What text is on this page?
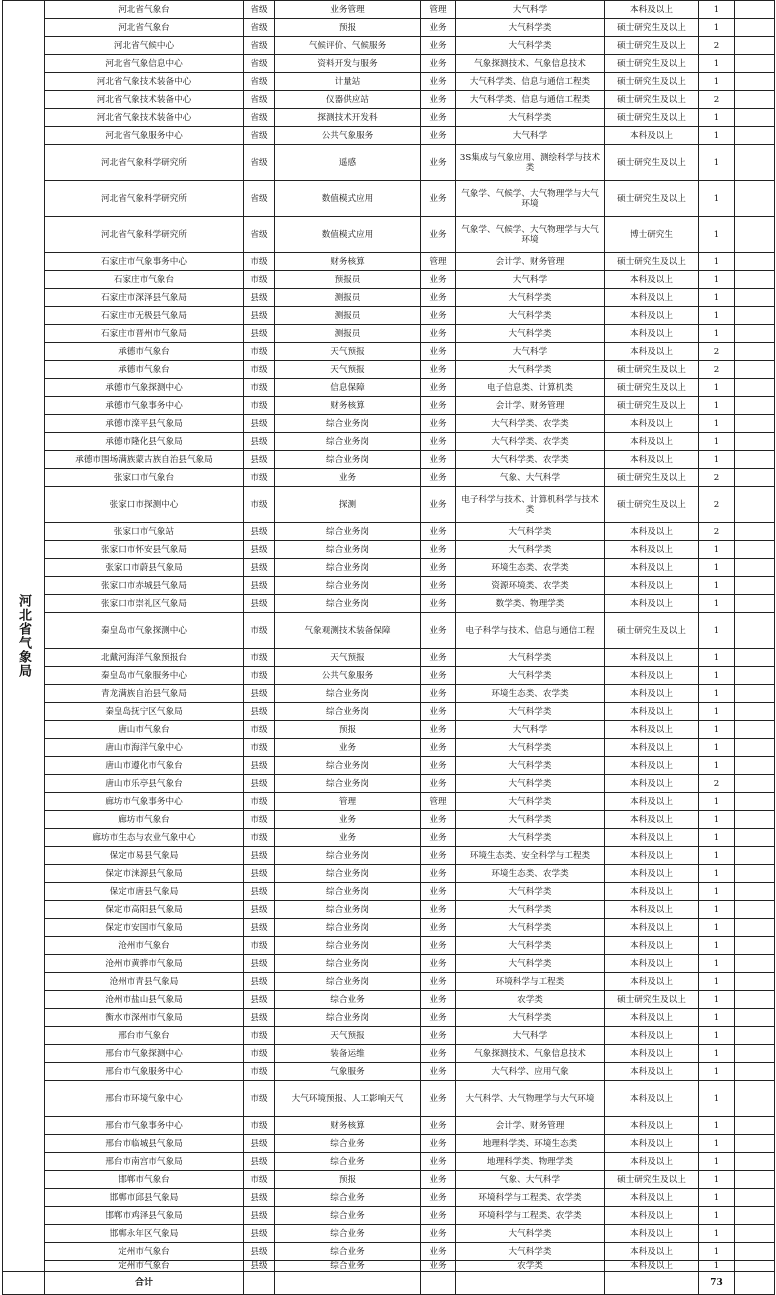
河北省气象局	河北省气象台	省级	业务管理	管理	大气科学	本科及以上	1	
	河北省气象台	省级	预报	业务	大气科学类	硕士研究生及以上	1	
	河北省气候中心	省级	气候评价、气候服务	业务	大气科学类	硕士研究生及以上	2	
	河北省气象信息中心	省级	资料开发与服务	业务	气象探测技术、气象信息技术	硕士研究生及以上	1	
	河北省气象技术装备中心	省级	计量站	业务	大气科学类、信息与通信工程类	硕士研究生及以上	1	
	河北省气象技术装备中心	省级	仪器供应站	业务	大气科学类、信息与通信工程类	硕士研究生及以上	2	
	河北省气象技术装备中心	省级	探测技术开发科	业务	大气科学类	硕士研究生及以上	1	
	河北省气象服务中心	省级	公共气象服务	业务	大气科学	本科及以上	1	
	河北省气象科学研究所	省级	遥感	业务	3S集成与气象应用、测绘科学与技术类	硕士研究生及以上	1	
	河北省气象科学研究所	省级	数值模式应用	业务	气象学、气候学、大气物理学与大气环境	硕士研究生及以上	1	
	河北省气象科学研究所	省级	数值模式应用	业务	气象学、气候学、大气物理学与大气环境	博士研究生	1	
	石家庄市气象事务中心	市级	财务核算	管理	会计学、财务管理	硕士研究生及以上	1	
	石家庄市气象台	市级	预报员	业务	大气科学	本科及以上	1	
	石家庄市深泽县气象局	县级	测报员	业务	大气科学类	本科及以上	1	
	石家庄市无极县气象局	县级	测报员	业务	大气科学类	本科及以上	1	
	石家庄市晋州市气象局	县级	测报员	业务	大气科学类	本科及以上	1	
	承德市气象台	市级	天气预报	业务	大气科学	本科及以上	2	
	承德市气象台	市级	天气预报	业务	大气科学类	硕士研究生及以上	2	
	承德市气象探测中心	市级	信息保障	业务	电子信息类、计算机类	硕士研究生及以上	1	
	承德市气象事务中心	市级	财务核算	业务	会计学、财务管理	硕士研究生及以上	1	
	承德市滦平县气象局	县级	综合业务岗	业务	大气科学类、农学类	本科及以上	1	
	承德市隆化县气象局	县级	综合业务岗	业务	大气科学类、农学类	本科及以上	1	
	承德市围场满族蒙古族自治县气象局	县级	综合业务岗	业务	大气科学类、农学类	本科及以上	1	
	张家口市气象台	市级	业务	业务	气象、大气科学	硕士研究生及以上	2	
	张家口市探测中心	市级	探测	业务	电子科学与技术、计算机科学与技术类	硕士研究生及以上	2	
	张家口市气象站	县级	综合业务岗	业务	大气科学类	本科及以上	2	
	张家口市怀安县气象局	县级	综合业务岗	业务	大气科学类	本科及以上	1	
	张家口市蔚县气象局	县级	综合业务岗	业务	环境生态类、农学类	本科及以上	1	
	张家口市赤城县气象局	县级	综合业务岗	业务	资源环境类、农学类	本科及以上	1	
	张家口市崇礼区气象局	县级	综合业务岗	业务	数学类、物理学类	本科及以上	1	
	秦皇岛市气象探测中心	市级	气象观测技术装备保障	业务	电子科学与技术、信息与通信工程	硕士研究生及以上	1	
	北戴河海洋气象预报台	市级	天气预报	业务	大气科学类	本科及以上	1	
	秦皇岛市气象服务中心	市级	公共气象服务	业务	大气科学类	本科及以上	1	
	青龙满族自治县气象局	县级	综合业务岗	业务	环境生态类、农学类	本科及以上	1	
	秦皇岛抚宁区气象局	县级	综合业务岗	业务	大气科学类	本科及以上	1	
	唐山市气象台	市级	预报	业务	大气科学	本科及以上	1	
	唐山市海洋气象中心	市级	业务	业务	大气科学类	本科及以上	1	
	唐山市遵化市气象台	县级	综合业务岗	业务	大气科学类	本科及以上	1	
	唐山市乐亭县气象台	县级	综合业务岗	业务	大气科学类	本科及以上	2	
	廊坊市气象事务中心	市级	管理	管理	大气科学类	本科及以上	1	
	廊坊市气象台	市级	业务	业务	大气科学类	本科及以上	1	
	廊坊市生态与农业气象中心	市级	业务	业务	大气科学类	本科及以上	1	
	保定市易县气象局	县级	综合业务岗	业务	环境生态类、安全科学与工程类	本科及以上	1	
	保定市涞源县气象局	县级	综合业务岗	业务	环境生态类、农学类	本科及以上	1	
	保定市唐县气象局	县级	综合业务岗	业务	大气科学类	本科及以上	1	
	保定市高阳县气象局	县级	综合业务岗	业务	大气科学类	本科及以上	1	
	保定市安国市气象局	县级	综合业务岗	业务	大气科学类	本科及以上	1	
	沧州市气象台	市级	综合业务岗	业务	大气科学类	本科及以上	1	
	沧州市黄骅市气象局	县级	综合业务岗	业务	大气科学类	本科及以上	1	
	沧州市青县气象局	县级	综合业务岗	业务	环境科学与工程类	本科及以上	1	
	沧州市盐山县气象局	县级	综合业务	业务	农学类	硕士研究生及以上	1	
	衡水市深州市气象局	县级	综合业务岗	业务	大气科学类	本科及以上	1	
	邢台市气象台	市级	天气预报	业务	大气科学	本科及以上	1	
	邢台市气象探测中心	市级	装备运维	业务	气象探测技术、气象信息技术	本科及以上	1	
	邢台市气象服务中心	市级	气象服务	业务	大气科学、应用气象	本科及以上	1	
	邢台市环境气象中心	市级	大气环境预报、人工影响天气	业务	大气科学、大气物理学与大气环境	本科及以上	1	
	邢台市气象事务中心	市级	财务核算	业务	会计学、财务管理	本科及以上	1	
	邢台市临城县气象局	县级	综合业务	业务	地理科学类、环境生态类	本科及以上	1	
	邢台市南宫市气象局	县级	综合业务	业务	地理科学类、物理学类	本科及以上	1	
	邯郸市气象台	市级	预报	业务	气象、大气科学	硕士研究生及以上	1	
	邯郸市邱县气象局	县级	综合业务	业务	环境科学与工程类、农学类	本科及以上	1	
	邯郸市鸡泽县气象局	县级	综合业务	业务	环境科学与工程类、农学类	本科及以上	1	
	邯郸永年区气象局	县级	综合业务	业务	大气科学类	本科及以上	1	
	定州市气象台	县级	综合业务	业务	大气科学类	本科及以上	1	
	定州市气象台	县级	综合业务	业务	农学类	本科及以上	1	
	合计						73	
